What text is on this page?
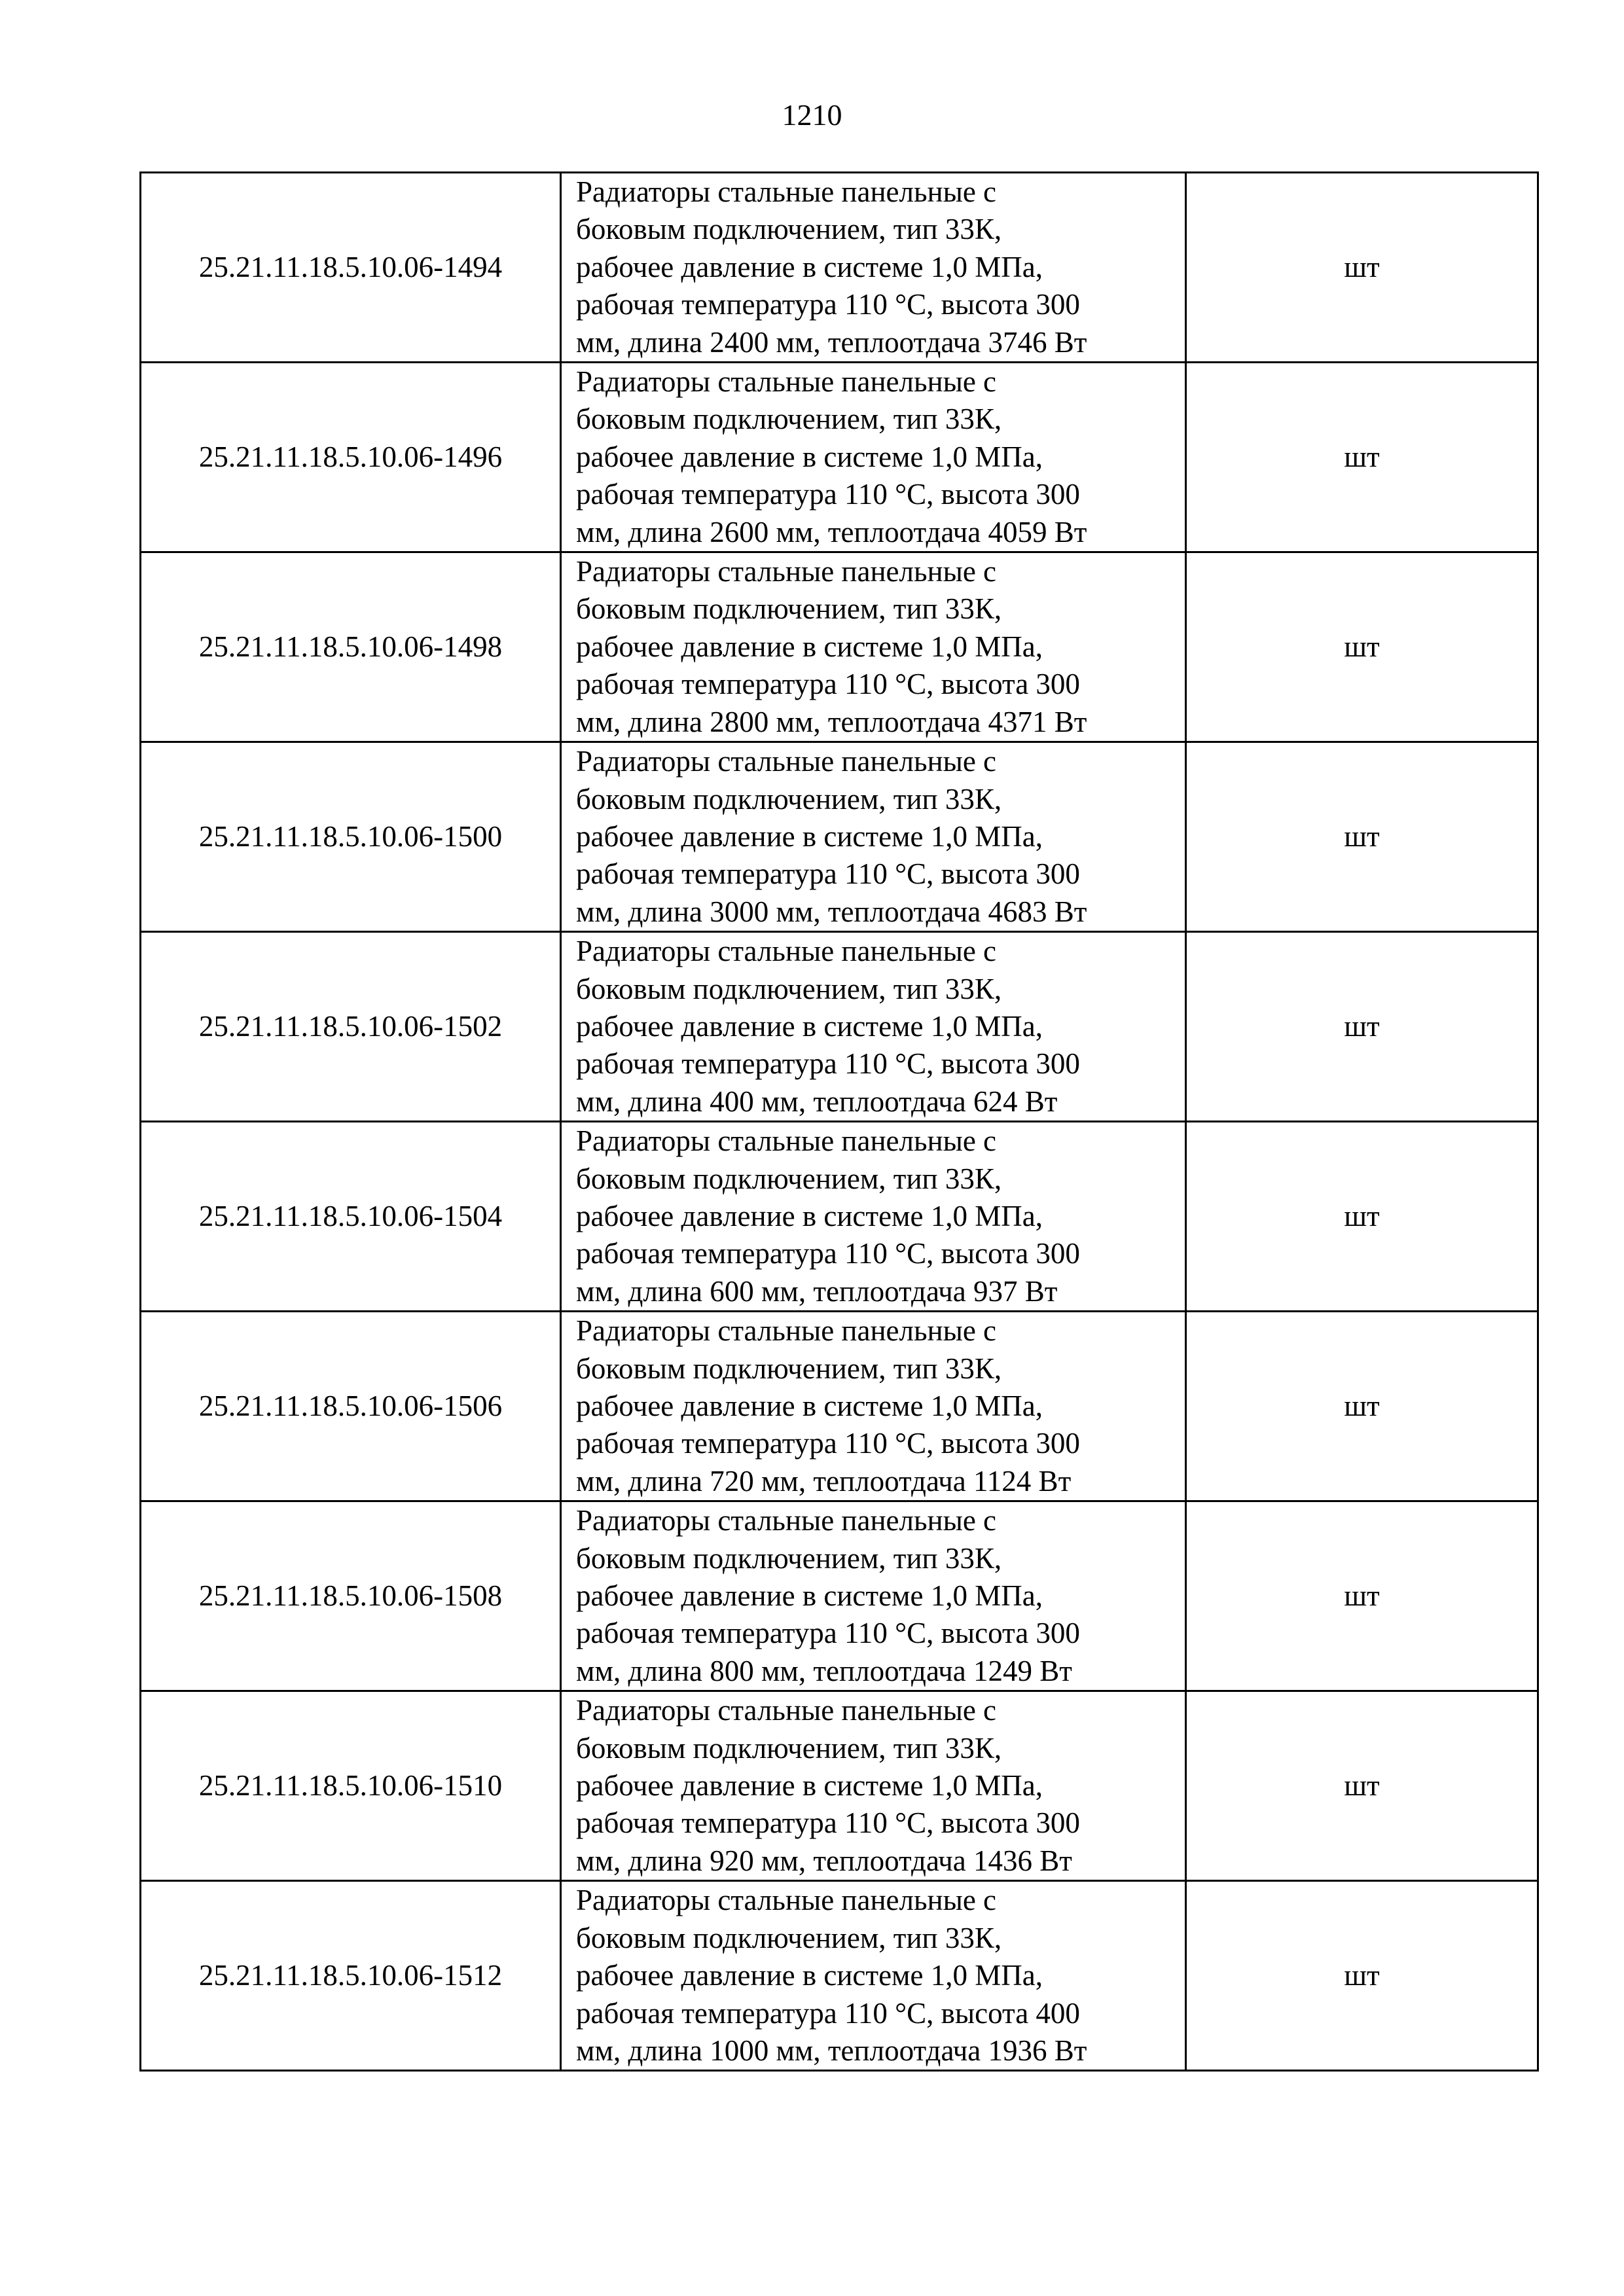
1210
25.21.11.18.5.10.06-1494	Радиаторы стальные панельные с
боковым подключением, тип 33К,
рабочее давление в системе 1,0 МПа,
рабочая температура 110 °С, высота 300
мм, длина 2400 мм, теплоотдача 3746 Вт	шт
25.21.11.18.5.10.06-1496	Радиаторы стальные панельные с
боковым подключением, тип 33К,
рабочее давление в системе 1,0 МПа,
рабочая температура 110 °С, высота 300
мм, длина 2600 мм, теплоотдача 4059 Вт	шт
25.21.11.18.5.10.06-1498	Радиаторы стальные панельные с
боковым подключением, тип 33К,
рабочее давление в системе 1,0 МПа,
рабочая температура 110 °С, высота 300
мм, длина 2800 мм, теплоотдача 4371 Вт	шт
25.21.11.18.5.10.06-1500	Радиаторы стальные панельные с
боковым подключением, тип 33К,
рабочее давление в системе 1,0 МПа,
рабочая температура 110 °С, высота 300
мм, длина 3000 мм, теплоотдача 4683 Вт	шт
25.21.11.18.5.10.06-1502	Радиаторы стальные панельные с
боковым подключением, тип 33К,
рабочее давление в системе 1,0 МПа,
рабочая температура 110 °С, высота 300
мм, длина 400 мм, теплоотдача 624 Вт	шт
25.21.11.18.5.10.06-1504	Радиаторы стальные панельные с
боковым подключением, тип 33К,
рабочее давление в системе 1,0 МПа,
рабочая температура 110 °С, высота 300
мм, длина 600 мм, теплоотдача 937 Вт	шт
25.21.11.18.5.10.06-1506	Радиаторы стальные панельные с
боковым подключением, тип 33К,
рабочее давление в системе 1,0 МПа,
рабочая температура 110 °С, высота 300
мм, длина 720 мм, теплоотдача 1124 Вт	шт
25.21.11.18.5.10.06-1508	Радиаторы стальные панельные с
боковым подключением, тип 33К,
рабочее давление в системе 1,0 МПа,
рабочая температура 110 °С, высота 300
мм, длина 800 мм, теплоотдача 1249 Вт	шт
25.21.11.18.5.10.06-1510	Радиаторы стальные панельные с
боковым подключением, тип 33К,
рабочее давление в системе 1,0 МПа,
рабочая температура 110 °С, высота 300
мм, длина 920 мм, теплоотдача 1436 Вт	шт
25.21.11.18.5.10.06-1512	Радиаторы стальные панельные с
боковым подключением, тип 33К,
рабочее давление в системе 1,0 МПа,
рабочая температура 110 °С, высота 400
мм, длина 1000 мм, теплоотдача 1936 Вт	шт
